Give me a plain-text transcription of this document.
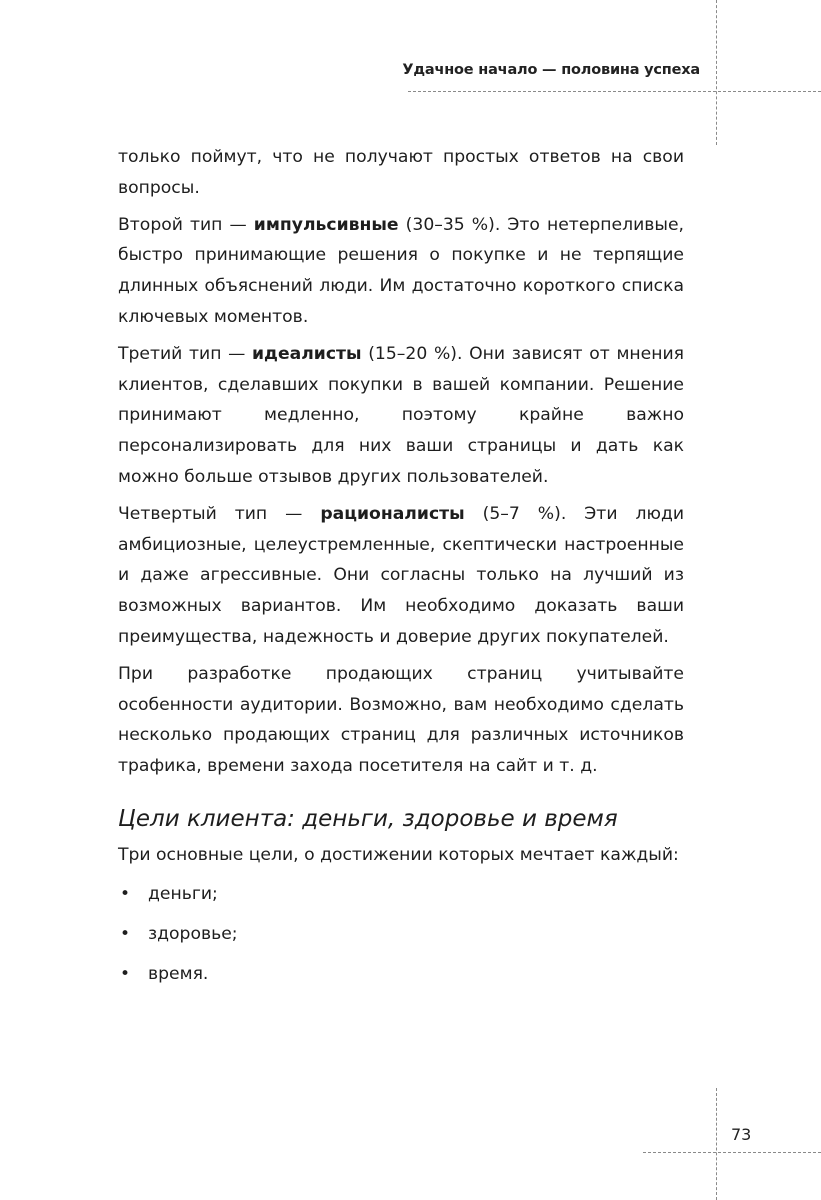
Удачное начало — половина успеха

только поймут, что не получают простых ответов на свои вопросы.

Второй тип — импульсивные (30–35 %). Это нетерпеливые, быстро принимающие решения о покупке и не терпящие длинных объяснений люди. Им достаточно короткого списка ключевых моментов.

Третий тип — идеалисты (15–20 %). Они зависят от мнения клиентов, сделавших покупки в вашей компании. Решение принимают медленно, поэтому крайне важно персонализировать для них ваши страницы и дать как можно больше отзывов других пользователей.

Четвертый тип — рационалисты (5–7 %). Эти люди амбициозные, целеустремленные, скептически настроенные и даже агрессивные. Они согласны только на лучший из возможных вариантов. Им необходимо доказать ваши преимущества, надежность и доверие других покупателей.

При разработке продающих страниц учитывайте особенности аудитории. Возможно, вам необходимо сделать несколько продающих страниц для различных источников трафика, времени захода посетителя на сайт и т. д.

Цели клиента: деньги, здоровье и время

Три основные цели, о достижении которых мечтает каждый:

• деньги;
• здоровье;
• время.
73
